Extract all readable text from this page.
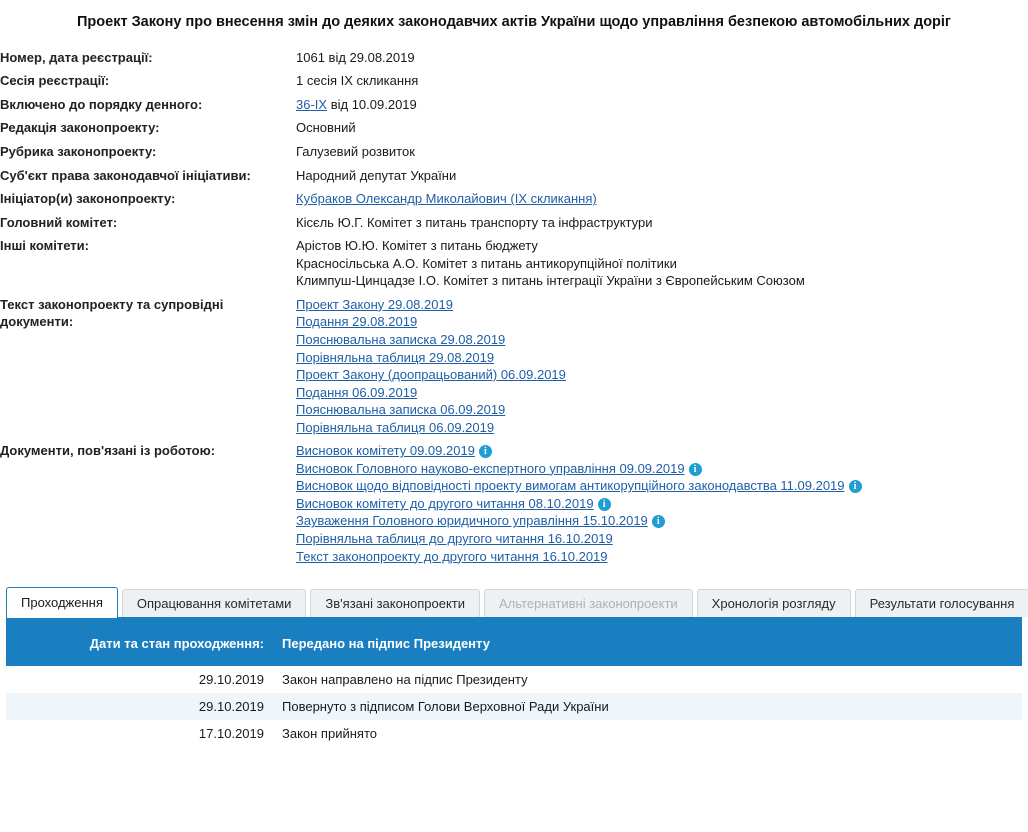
Проект Закону про внесення змін до деяких законодавчих актів України щодо управління безпекою автомобільних доріг
Номер, дата реєстрації:	1061 від 29.08.2019
Сесія реєстрації:	1 сесія IX скликання
Включено до порядку денного:	36-IX від 10.09.2019
Редакція законопроекту:	Основний
Рубрика законопроекту:	Галузевий розвиток
Суб'єкт права законодавчої ініціативи:	Народний депутат України
Ініціатор(и) законопроекту:	Кубраков Олександр Миколайович (IX скликання)
Головний комітет:	Кісєль Ю.Г. Комітет з питань транспорту та інфраструктури
Інші комітети:	Арістов Ю.Ю. Комітет з питань бюджету
Красносільська А.О. Комітет з питань антикорупційної політики
Климпуш-Цинцадзе І.О. Комітет з питань інтеграції України з Європейським Союзом

Текст законопроекту та супровідні документи:	
Проект Закону 29.08.2019
Подання 29.08.2019
Пояснювальна записка 29.08.2019
Порівняльна таблиця 29.08.2019
Проект Закону (доопрацьований) 06.09.2019
Подання 06.09.2019
Пояснювальна записка 06.09.2019
Порівняльна таблиця 06.09.2019

Документи, пов'язані із роботою:	Висновок комітету 09.09.2019 i
Висновок Головного науково-експертного управління 09.09.2019 i
Висновок щодо відповідності проекту вимогам антикорупційного законодавства 11.09.2019 i
Висновок комітету до другого читання 08.10.2019 i
Зауваження Головного юридичного управління 15.10.2019 i
Порівняльна таблиця до другого читання 16.10.2019
Текст законопроекту до другого читання 16.10.2019
Проходження	Опрацювання комітетами	Зв'язані законопроекти	Альтернативні законопроекти	Хронологія розгляду	Результати голосування
Дати та стан проходження:	Передано на підпис Президенту
29.10.2019	Закон направлено на підпис Президенту
29.10.2019	Повернуто з підписом Голови Верховної Ради України
17.10.2019	Закон прийнято
